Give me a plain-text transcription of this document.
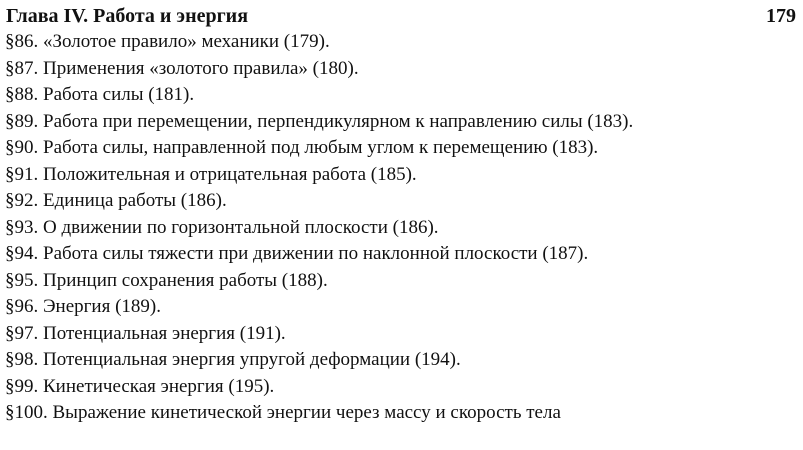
Глава IV. Работа и энергия	179
§86. «Золотое правило» механики (179).
§87. Применения «золотого правила» (180).
§88. Работа силы (181).
§89. Работа при перемещении, перпендикулярном к направлению силы (183).
§90. Работа силы, направленной под любым углом к перемещению (183).
§91. Положительная и отрицательная работа (185).
§92. Единица работы (186).
§93. О движении по горизонтальной плоскости (186).
§94. Работа силы тяжести при движении по наклонной плоскости (187).
§95. Принцип сохранения работы (188).
§96. Энергия (189).
§97. Потенциальная энергия (191).
§98. Потенциальная энергия упругой деформации (194).
§99. Кинетическая энергия (195).
§100. Выражение кинетической энергии через массу и скорость тела
